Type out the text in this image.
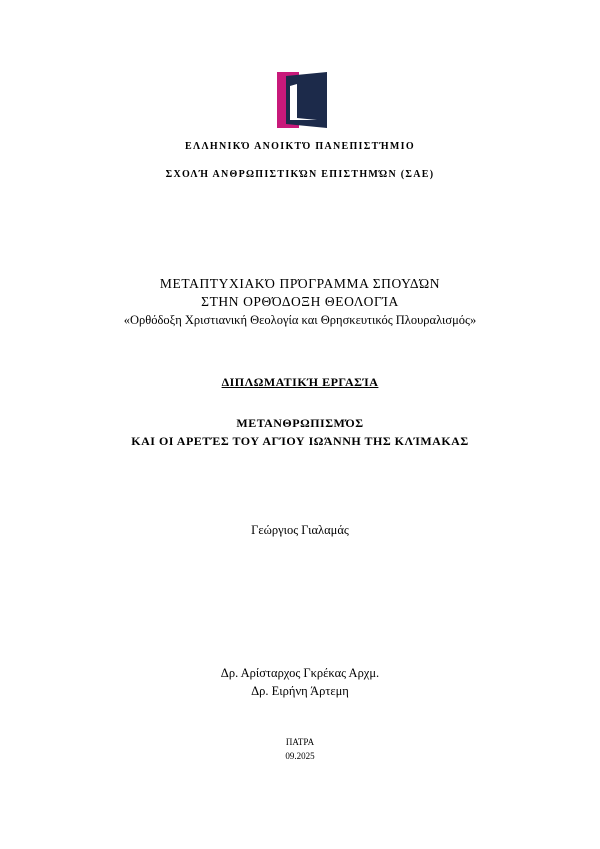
ΕΛΛΗΝΙΚΌ ΑΝΟΙΚΤΌ ΠΑΝΕΠΙΣΤΉΜΙΟ
ΣΧΟΛΉ ΑΝΘΡΩΠΙΣΤΙΚΏΝ ΕΠΙΣΤΗΜΏΝ (ΣΑΕ)
ΜΕΤΑΠΤΥΧΙΑΚΌ ΠΡΌΓΡΑΜΜΑ ΣΠΟΥΔΏΝ
ΣΤΗΝ ΟΡΘΌΔΟΞΗ ΘΕΟΛΟΓΊΑ
«Ορθόδοξη Χριστιανική Θεολογία και Θρησκευτικός Πλουραλισμός»
ΔΙΠΛΩΜΑΤΙΚΉ ΕΡΓΑΣΊΑ
ΜΕΤΑΝΘΡΩΠΙΣΜΌΣ
ΚΑΙ ΟΙ ΑΡΕΤΈΣ ΤΟΥ ΑΓΊΟΥ ΙΩΆΝΝΗ ΤΗΣ ΚΛΊΜΑΚΑΣ
Γεώργιος Γιαλαμάς
Δρ. Αρίσταρχος Γκρέκας Αρχμ.
Δρ. Ειρήνη Άρτεμη
ΠΑΤΡΑ
09.2025
